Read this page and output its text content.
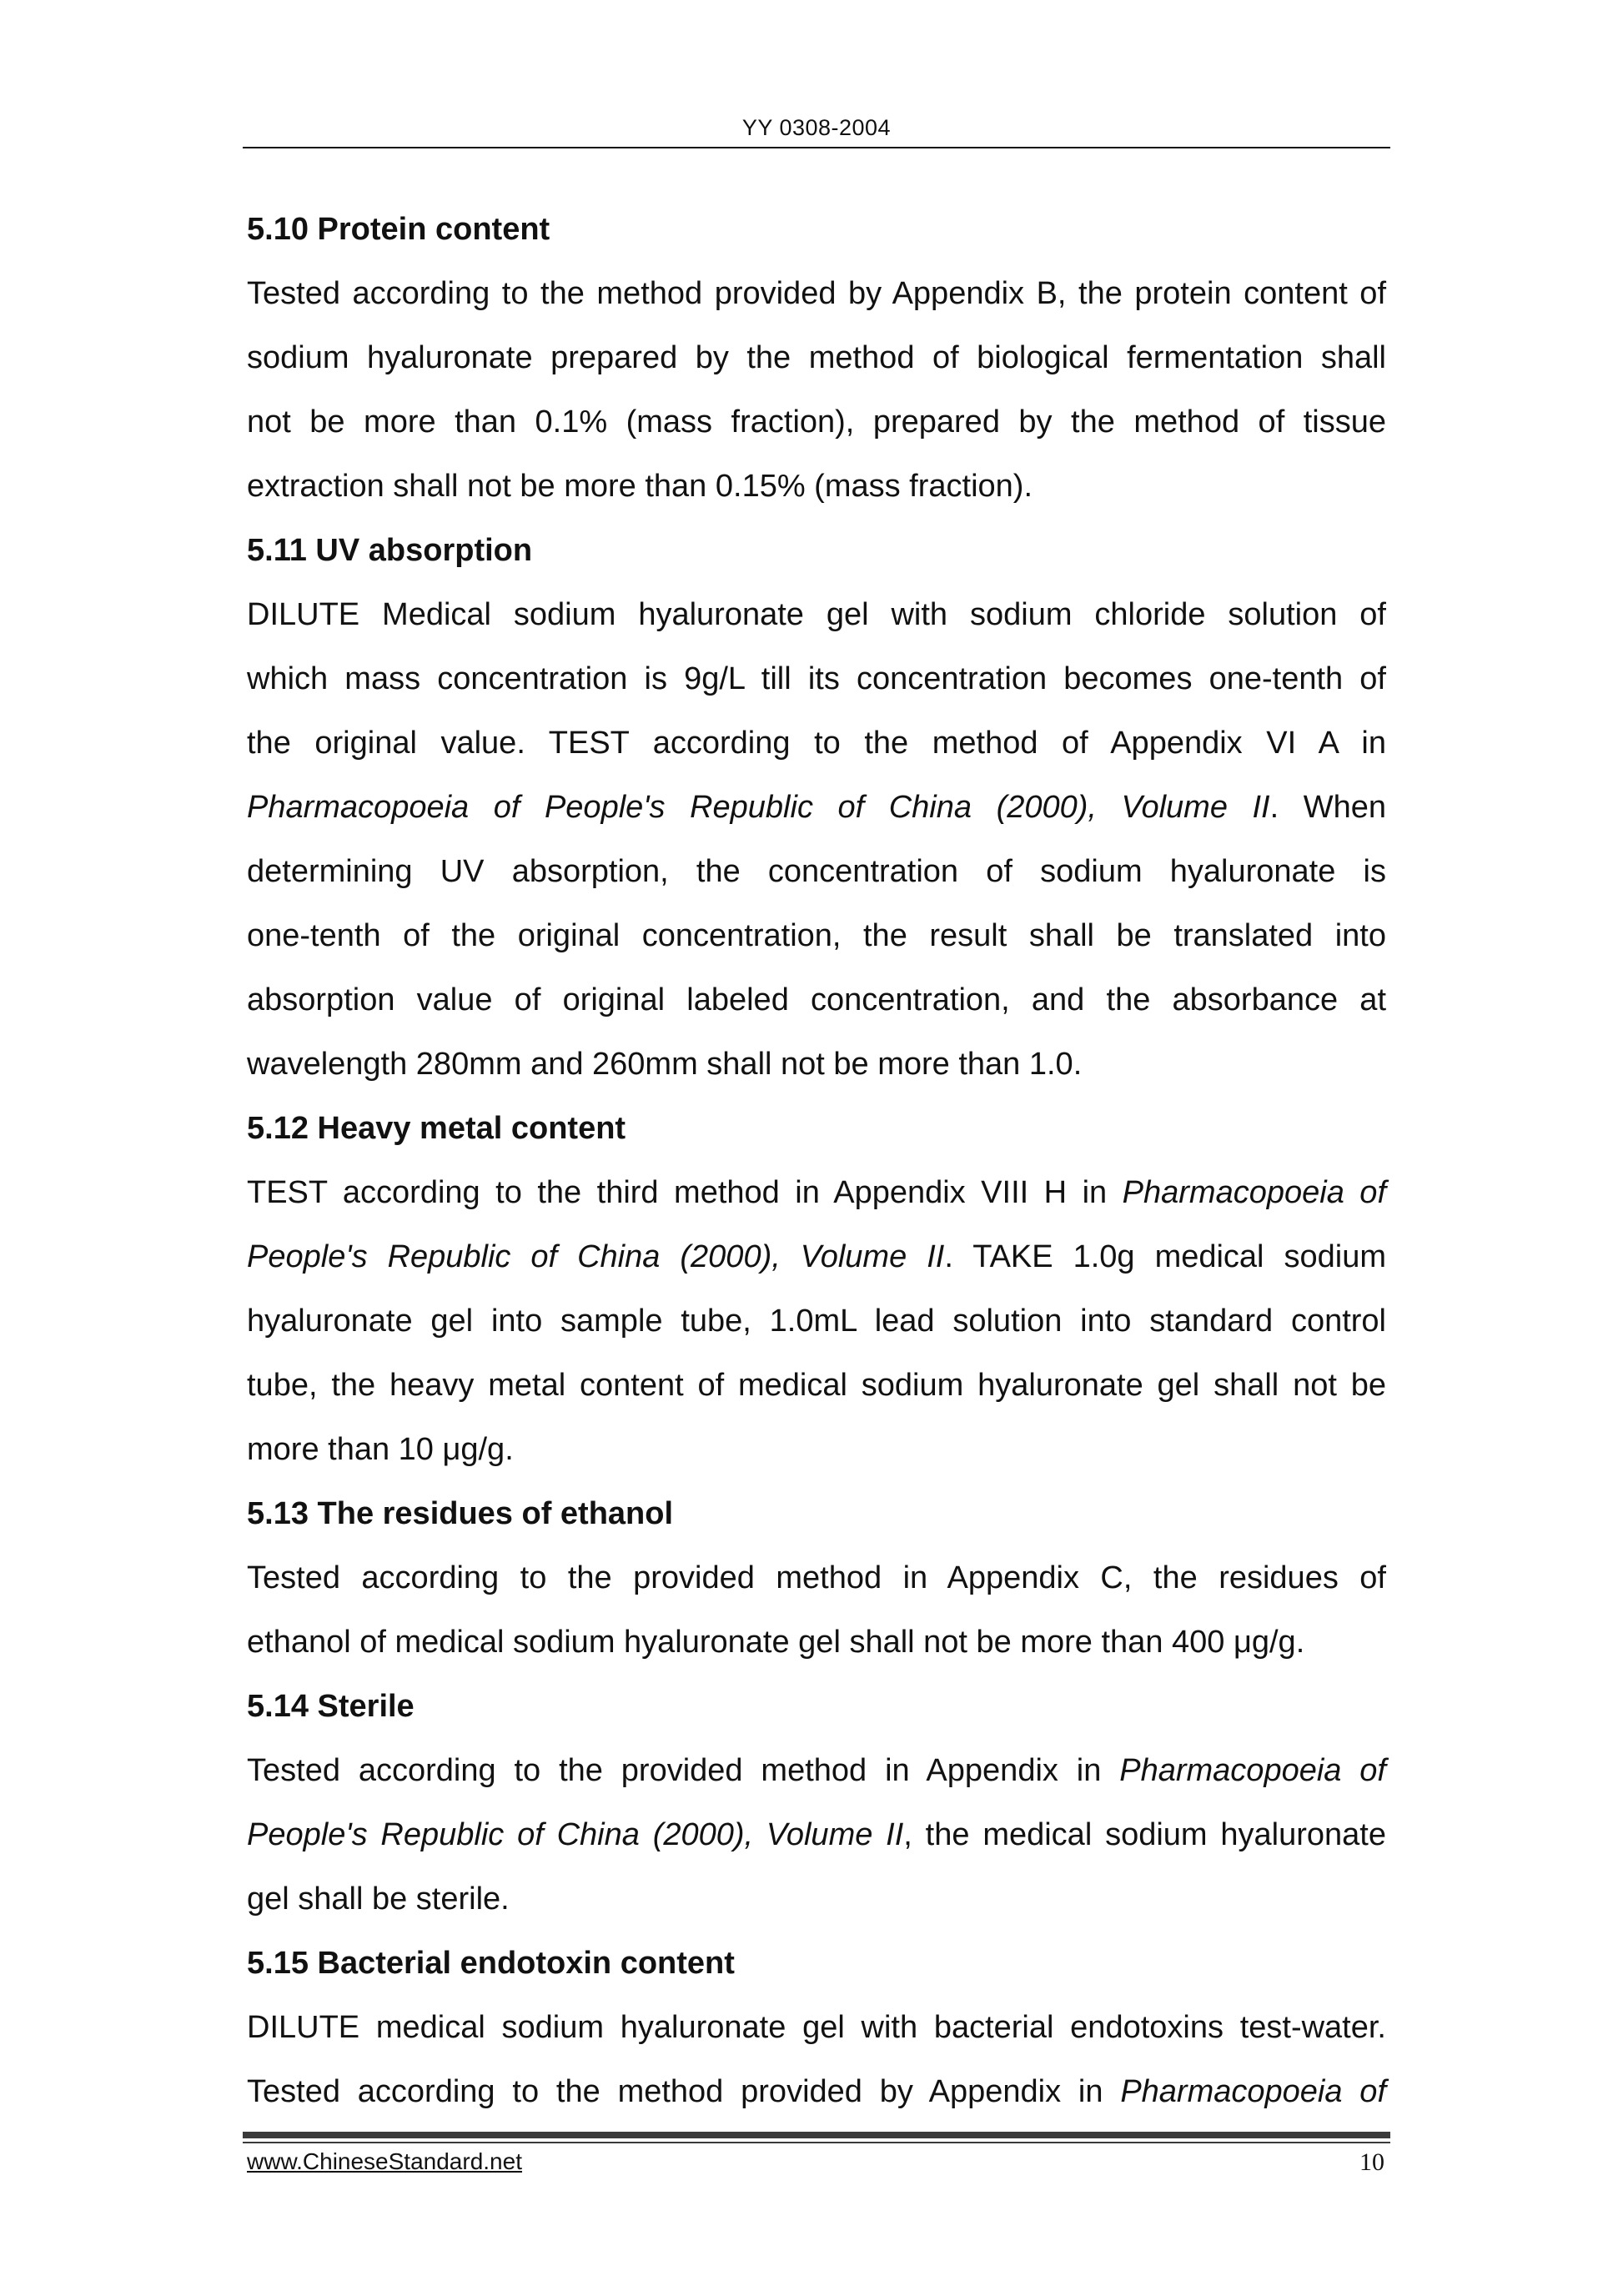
YY 0308-2004
5.10 Protein content
Tested according to the method provided by Appendix B, the protein content of
sodium hyaluronate prepared by the method of biological fermentation shall
not be more than 0.1% (mass fraction), prepared by the method of tissue
extraction shall not be more than 0.15% (mass fraction).
5.11 UV absorption
DILUTE Medical sodium hyaluronate gel with sodium chloride solution of
which mass concentration is 9g/L till its concentration becomes one-tenth of
the original value. TEST according to the method of Appendix VI A in
Pharmacopoeia of People's Republic of China (2000), Volume II. When
determining UV absorption, the concentration of sodium hyaluronate is
one-tenth of the original concentration, the result shall be translated into
absorption value of original labeled concentration, and the absorbance at
wavelength 280mm and 260mm shall not be more than 1.0.
5.12 Heavy metal content
TEST according to the third method in Appendix VIII H in Pharmacopoeia of
People's Republic of China (2000), Volume II. TAKE 1.0g medical sodium
hyaluronate gel into sample tube, 1.0mL lead solution into standard control
tube, the heavy metal content of medical sodium hyaluronate gel shall not be
more than 10 μg/g.
5.13 The residues of ethanol
Tested according to the provided method in Appendix C, the residues of
ethanol of medical sodium hyaluronate gel shall not be more than 400 μg/g.
5.14 Sterile
Tested according to the provided method in Appendix in Pharmacopoeia of
People's Republic of China (2000), Volume II, the medical sodium hyaluronate
gel shall be sterile.
5.15 Bacterial endotoxin content
DILUTE medical sodium hyaluronate gel with bacterial endotoxins test-water.
Tested according to the method provided by Appendix in Pharmacopoeia of
www.ChineseStandard.net	10
